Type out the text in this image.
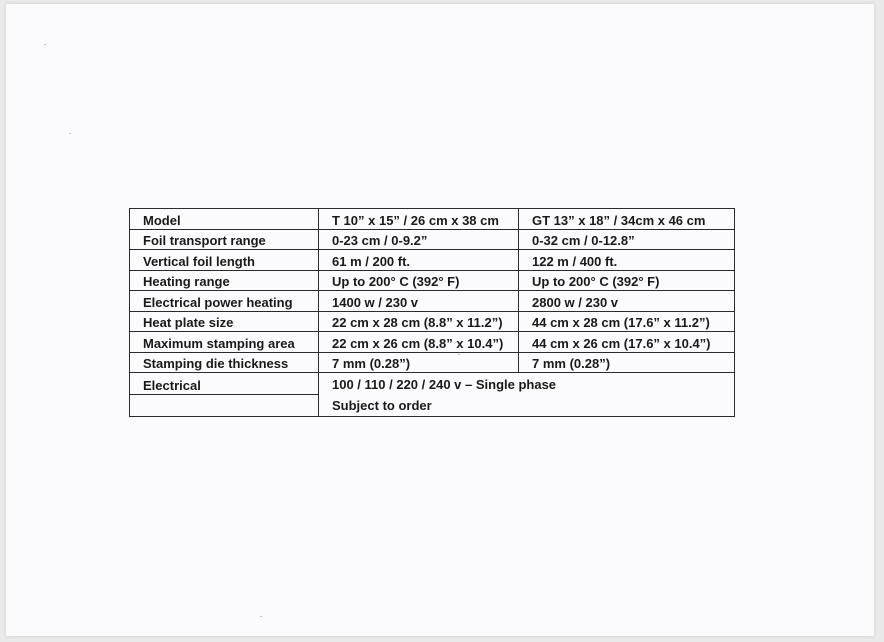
Model	T 10” x 15” / 26 cm x 38 cm	GT 13” x 18” / 34cm x 46 cm
Foil transport range	0-23 cm / 0-9.2”	0-32 cm / 0-12.8”
Vertical foil length	61 m / 200 ft.	122 m / 400 ft.
Heating range	Up to 200° C (392° F)	Up to 200° C (392° F)
Electrical power heating	1400 w / 230 v	2800 w / 230 v
Heat plate size	22 cm x 28 cm (8.8” x 11.2”)	44 cm x 28 cm (17.6” x 11.2”)
Maximum stamping area	22 cm x 26 cm (8.8” x 10.4”)	44 cm x 26 cm (17.6” x 10.4”)
Stamping die thickness	7 mm (0.28”)	7 mm (0.28”)
Electrical	100 / 110 / 220 / 240 v – Single phase
Subject to order	
